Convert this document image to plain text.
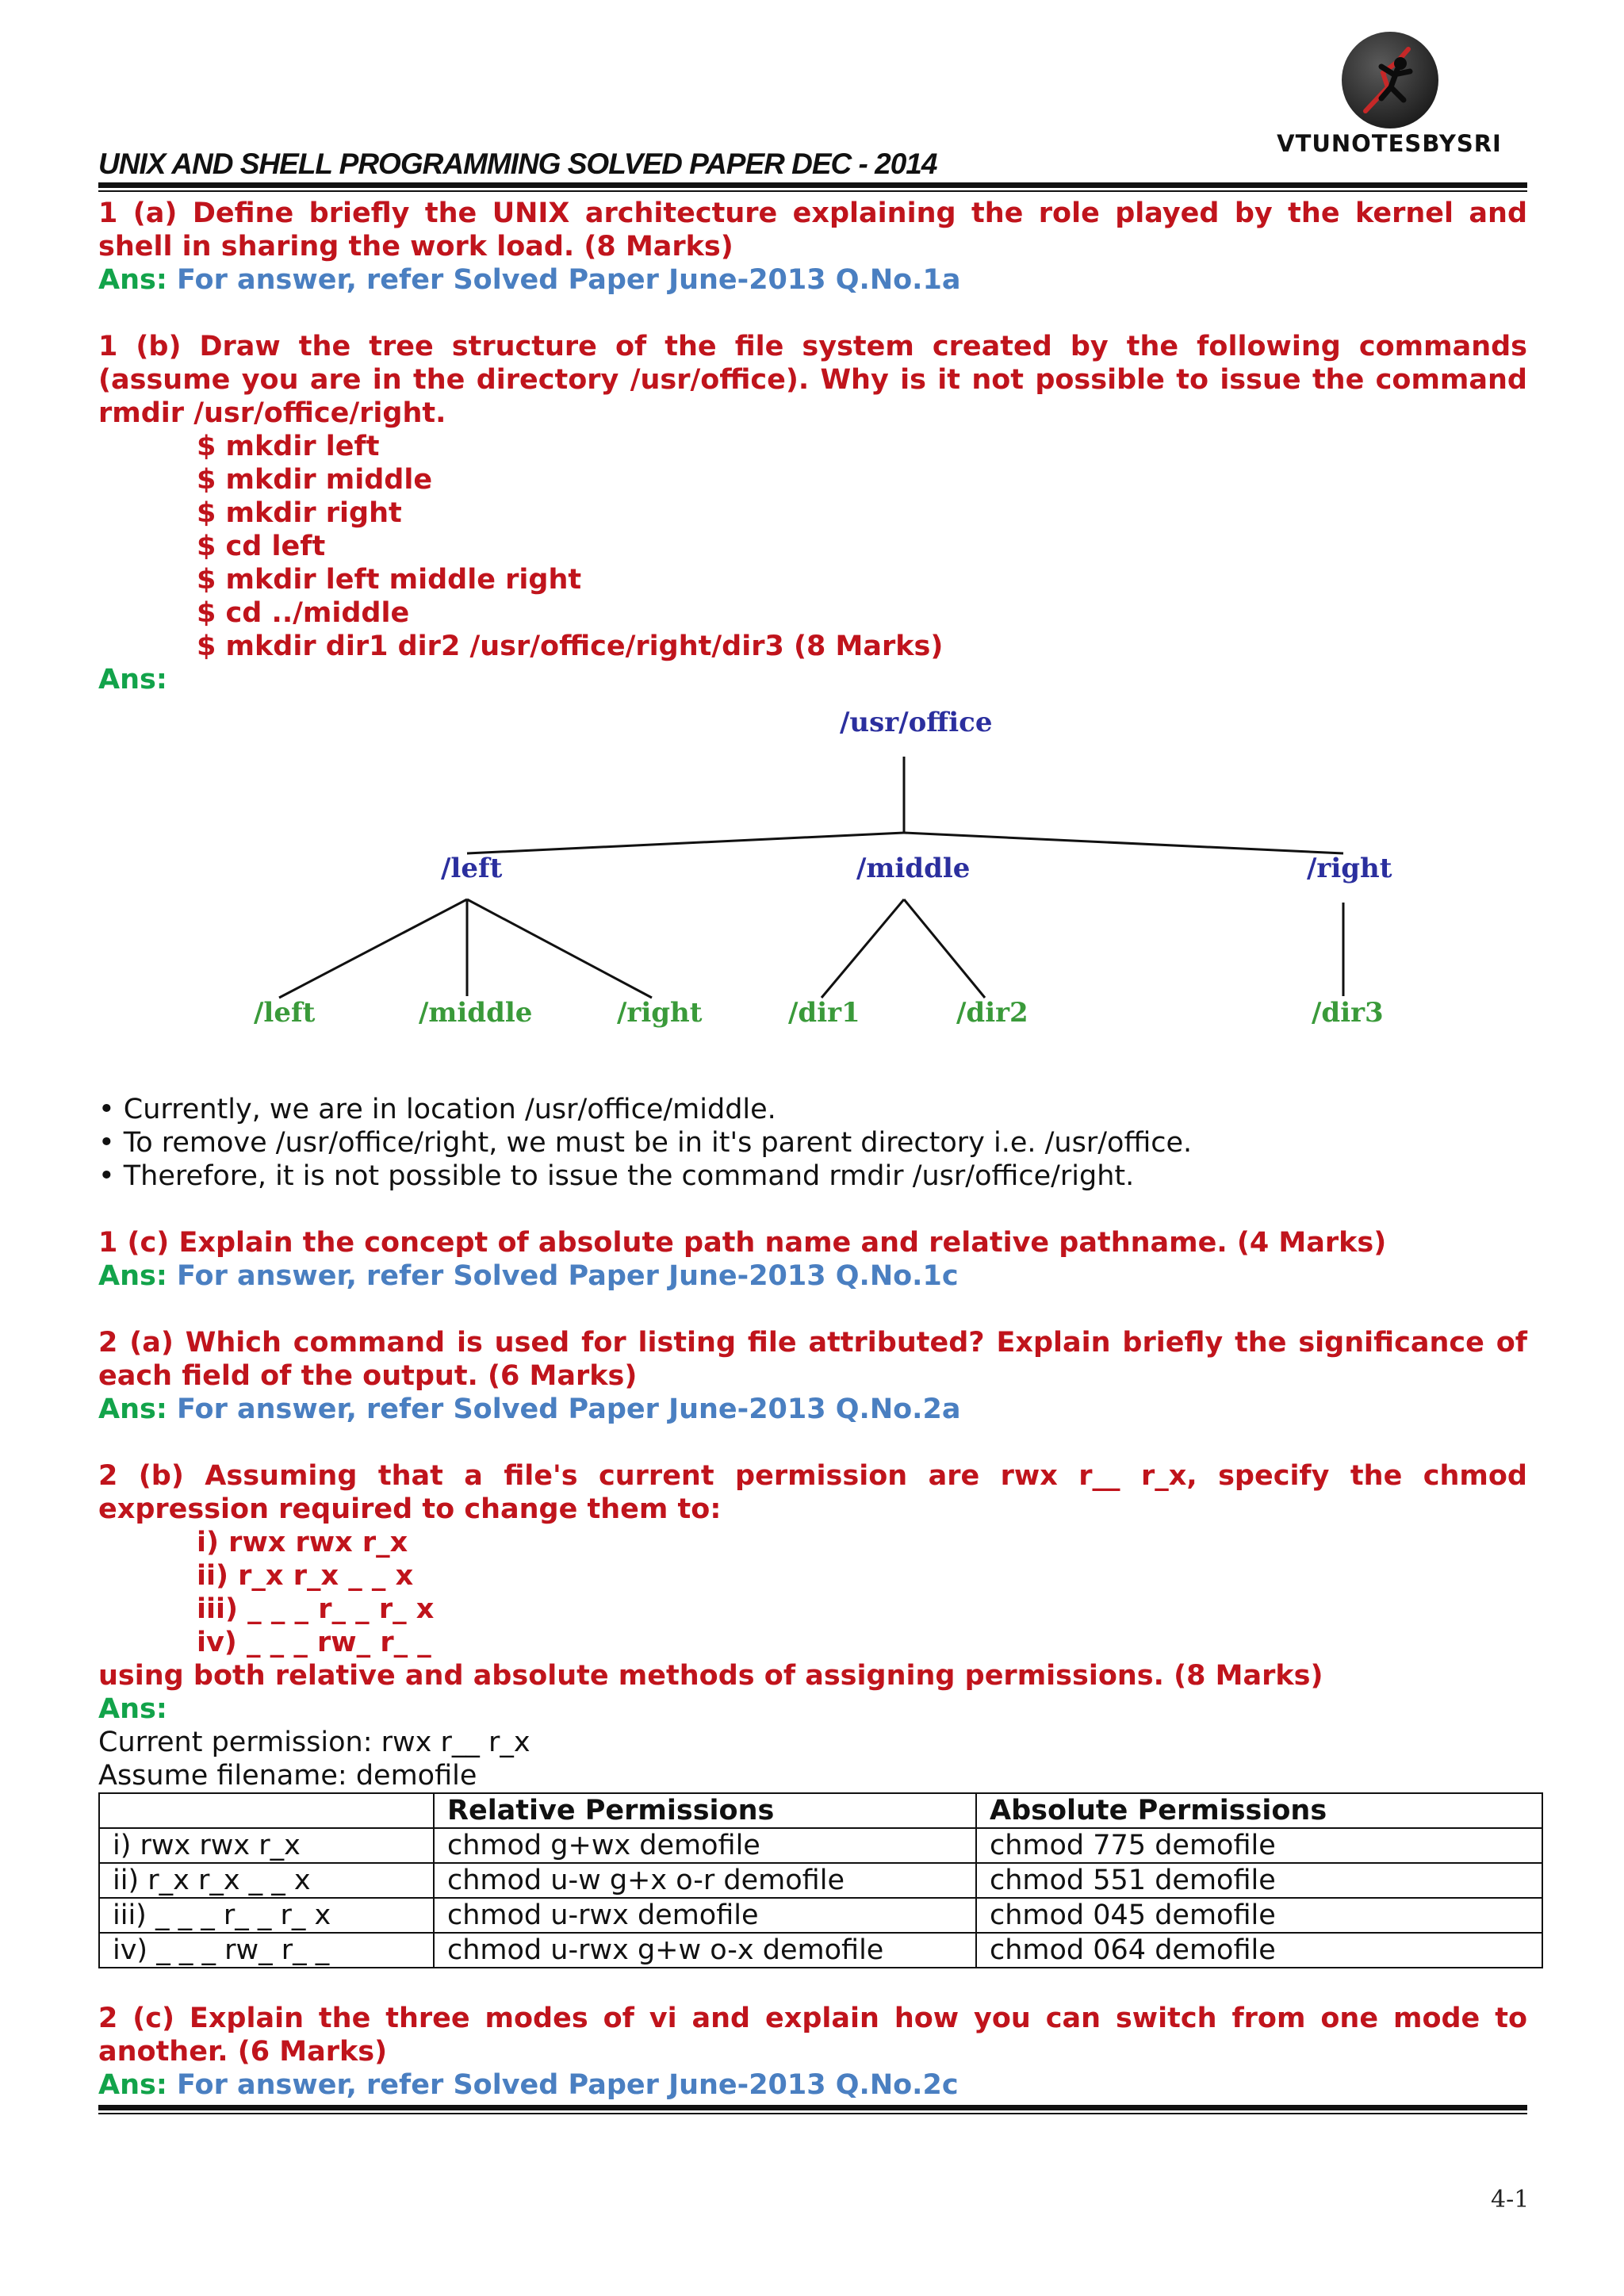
VTUNOTESBYSRI
UNIX AND SHELL PROGRAMMING SOLVED PAPER DEC - 2014
1 (a) Define briefly the UNIX architecture explaining the role played by the kernel and shell in sharing the work load. (8 Marks)
Ans: For answer, refer Solved Paper June-2013 Q.No.1a
1 (b) Draw the tree structure of the file system created by the following commands (assume you are in the directory /usr/office). Why is it not possible to issue the command rmdir /usr/office/right.
$ mkdir left
$ mkdir middle
$ mkdir right
$ cd left
$ mkdir left middle right
$ cd ../middle
$ mkdir dir1 dir2 /usr/office/right/dir3 (8 Marks)
Ans:
/usr/office
/left	/middle	/right
/left	/middle	/right	/dir1	/dir2	/dir3
• Currently, we are in location /usr/office/middle.
• To remove /usr/office/right, we must be in it's parent directory i.e. /usr/office.
• Therefore, it is not possible to issue the command rmdir /usr/office/right.
1 (c) Explain the concept of absolute path name and relative pathname. (4 Marks)
Ans: For answer, refer Solved Paper June-2013 Q.No.1c
2 (a) Which command is used for listing file attributed? Explain briefly the significance of each field of the output. (6 Marks)
Ans: For answer, refer Solved Paper June-2013 Q.No.2a
2 (b) Assuming that a file's current permission are rwx r__ r_x, specify the chmod expression required to change them to:
i) rwx rwx r_x
ii) r_x r_x _ _ x
iii) _ _ _ r_ _ r_ x
iv) _ _ _ rw_ r_ _
using both relative and absolute methods of assigning permissions. (8 Marks)
Ans:
Current permission: rwx r__ r_x
Assume filename: demofile
	Relative Permissions	Absolute Permissions
i) rwx rwx r_x	chmod g+wx demofile	chmod 775 demofile
ii) r_x r_x _ _ x	chmod u-w g+x o-r demofile	chmod 551 demofile
iii) _ _ _ r_ _ r_ x	chmod u-rwx demofile	chmod 045 demofile
iv) _ _ _ rw_ r_ _	chmod u-rwx g+w o-x demofile	chmod 064 demofile
2 (c) Explain the three modes of vi and explain how you can switch from one mode to another. (6 Marks)
Ans: For answer, refer Solved Paper June-2013 Q.No.2c
4-1
